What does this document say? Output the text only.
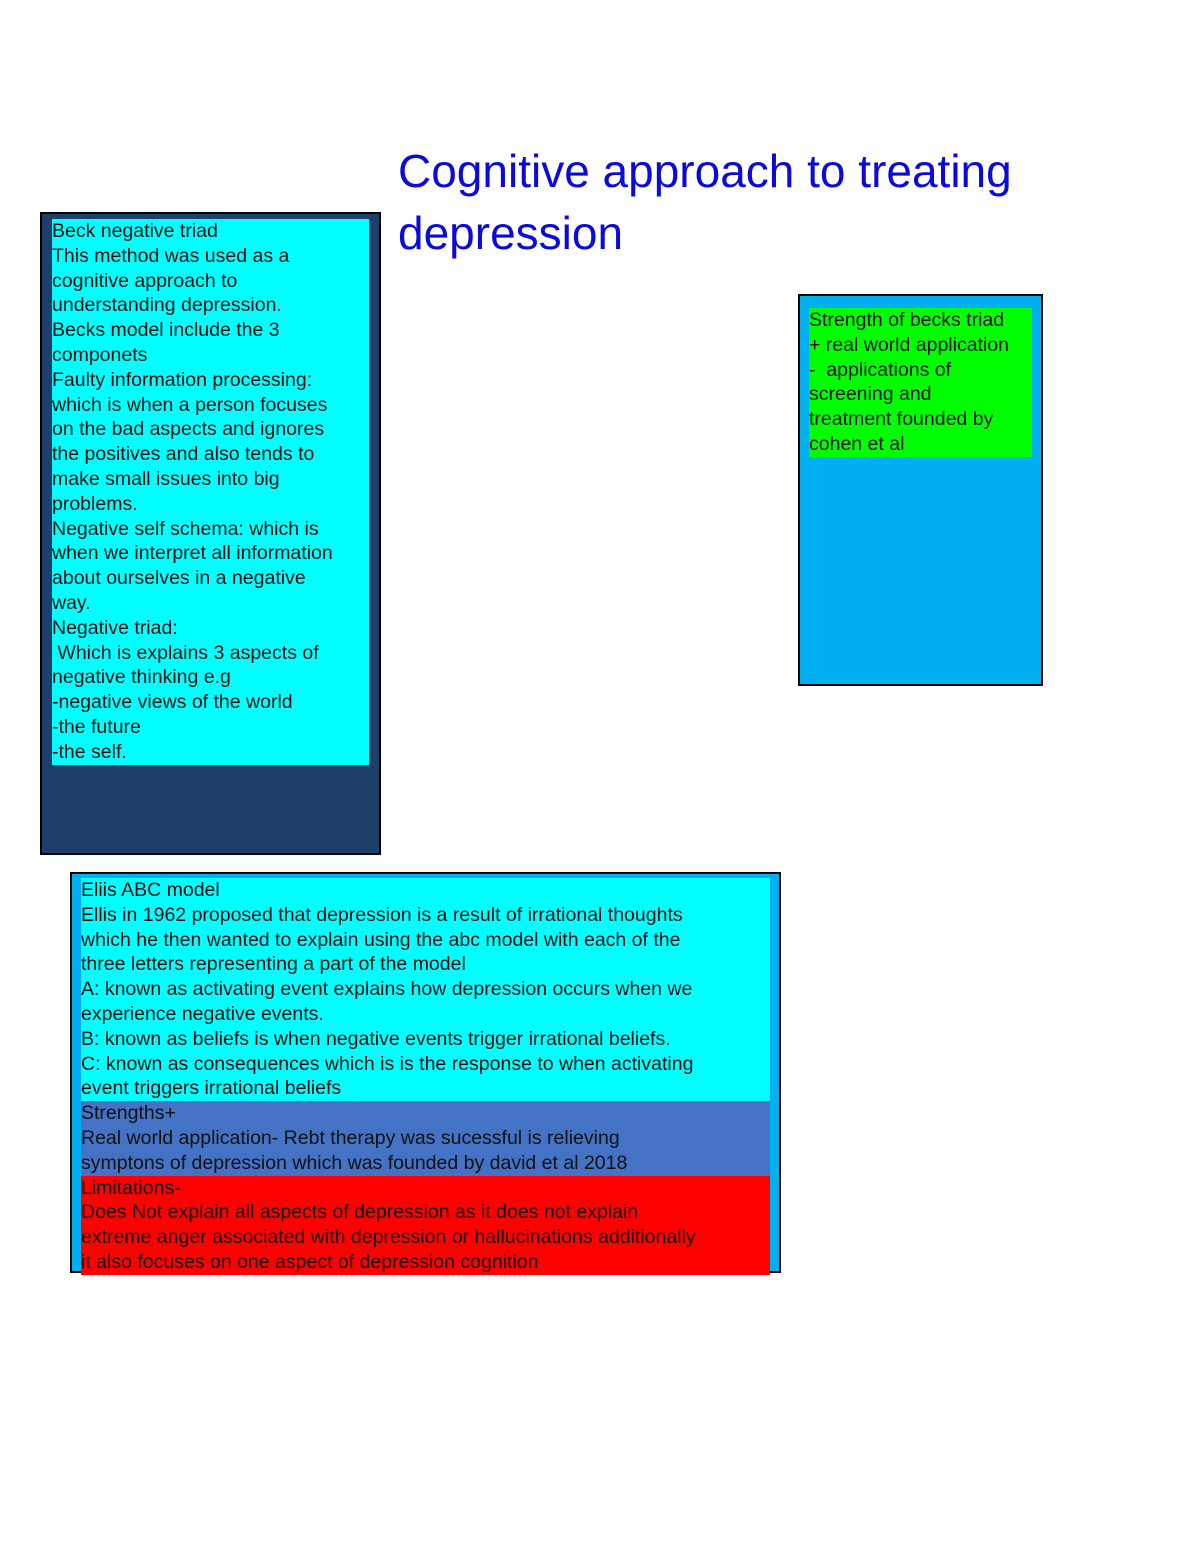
Cognitive approach to treating depression
Beck negative triad
This method was used as a
cognitive approach to
understanding depression.
Becks model include the 3
componets
Faulty information processing:
which is when a person focuses
on the bad aspects and ignores
the positives and also tends to
make small issues into big
problems.
Negative self schema: which is
when we interpret all information
about ourselves in a negative
way.
Negative triad:
Which is explains 3 aspects of
negative thinking e.g
-negative views of the world
-the future
-the self.
Strength of becks triad
+ real world application
-  applications of
screening and
treatment founded by
cohen et al
Eliis ABC model
Ellis in 1962 proposed that depression is a result of irrational thoughts
which he then wanted to explain using the abc model with each of the
three letters representing a part of the model
A: known as activating event explains how depression occurs when we
experience negative events.
B: known as beliefs is when negative events trigger irrational beliefs.
C: known as consequences which is is the response to when activating
event triggers irrational beliefs
Strengths+
Real world application- Rebt therapy was sucessful is relieving
symptons of depression which was founded by david et al 2018
Limitations-
Does Not explain all aspects of depression as it does not explain
extreme anger associated with depression or hallucinations additionally
it also focuses on one aspect of depression cognition
